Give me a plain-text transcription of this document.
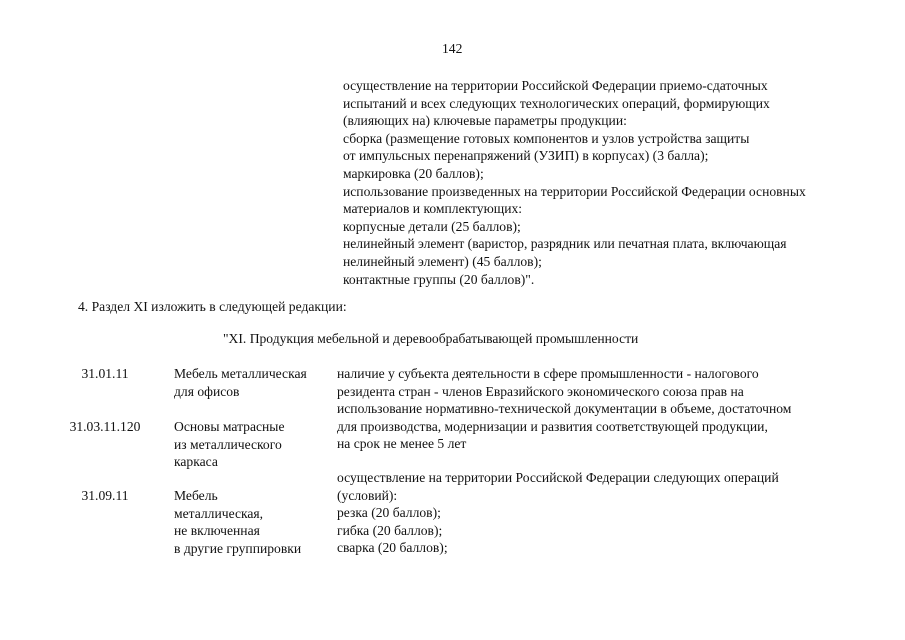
142
осуществление на территории Российской Федерации приемо-сдаточных
испытаний и всех следующих технологических операций, формирующих
(влияющих на) ключевые параметры продукции:
сборка (размещение готовых компонентов и узлов устройства защиты
от импульсных перенапряжений (УЗИП) в корпусах) (3 балла);
маркировка (20 баллов);
использование произведенных на территории Российской Федерации основных
материалов и комплектующих:
корпусные детали (25 баллов);
нелинейный элемент (варистор, разрядник или печатная плата, включающая
нелинейный элемент) (45 баллов);
контактные группы (20 баллов)".
4. Раздел XI изложить в следующей редакции:
"XI. Продукция мебельной и деревообрабатывающей промышленности
31.01.11
31.03.11.120
31.09.11
Мебель металлическая
для офисов
Основы матрасные
из металлического
каркаса
Мебель
металлическая,
не включенная
в другие группировки
наличие у субъекта деятельности в сфере промышленности - налогового
резидента стран - членов Евразийского экономического союза прав на
использование нормативно-технической документации в объеме, достаточном
для производства, модернизации и развития соответствующей продукции,
на срок не менее 5 лет
осуществление на территории Российской Федерации следующих операций
(условий):
резка (20 баллов);
гибка (20 баллов);
сварка (20 баллов);
